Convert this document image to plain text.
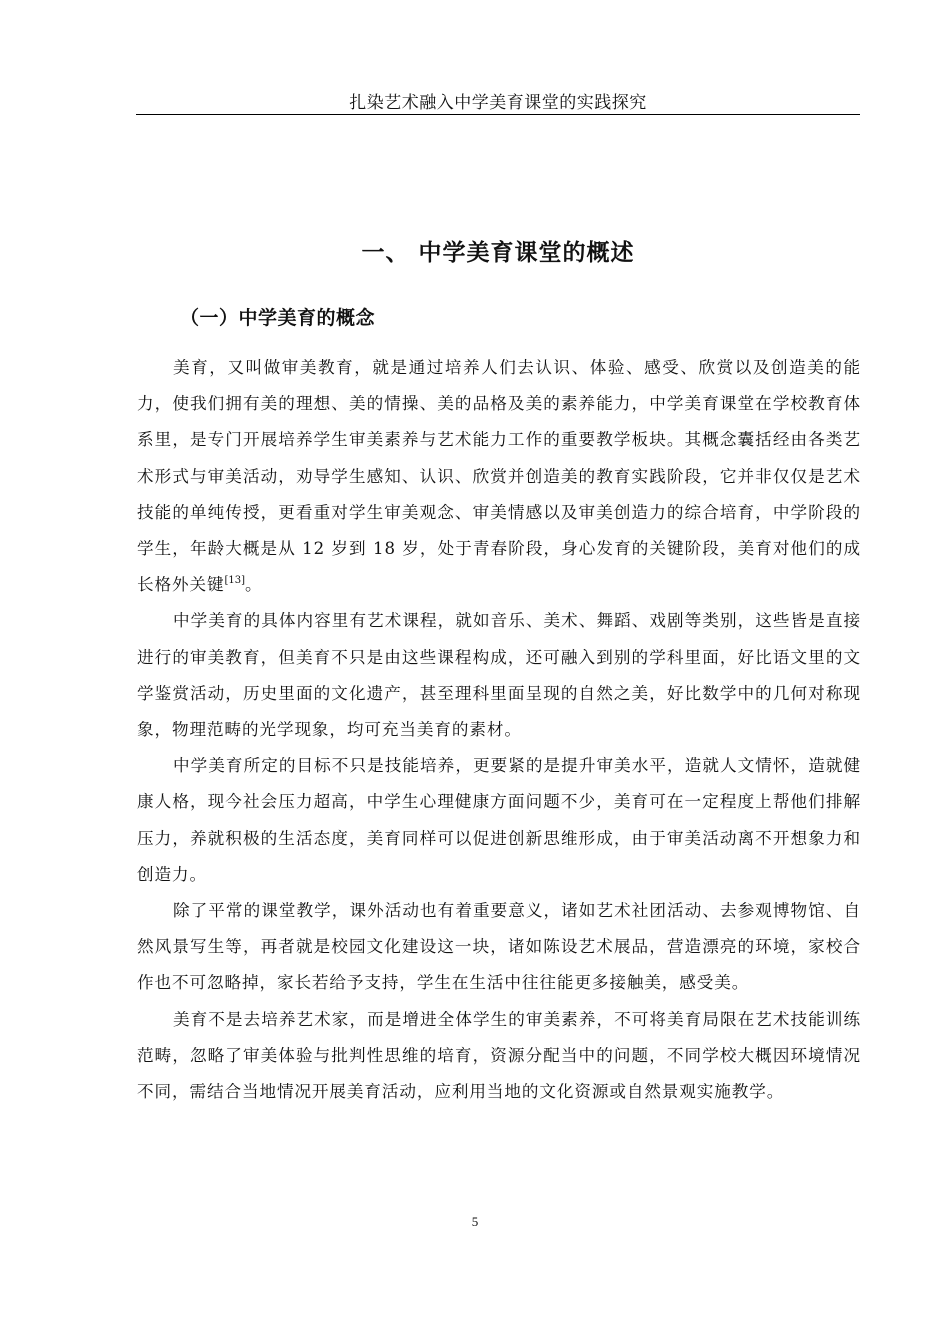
扎染艺术融入中学美育课堂的实践探究
一、 中学美育课堂的概述
（一）中学美育的概念

美育，又叫做审美教育，就是通过培养人们去认识、体验、感受、欣赏以及创造美的能力，使我们拥有美的理想、美的情操、美的品格及美的素养能力，中学美育课堂在学校教育体系里，是专门开展培养学生审美素养与艺术能力工作的重要教学板块。其概念囊括经由各类艺术形式与审美活动，劝导学生感知、认识、欣赏并创造美的教育实践阶段，它并非仅仅是艺术技能的单纯传授，更看重对学生审美观念、审美情感以及审美创造力的综合培育，中学阶段的学生，年龄大概是从 12 岁到 18 岁，处于青春阶段，身心发育的关键阶段，美育对他们的成长格外关键[13]。

中学美育的具体内容里有艺术课程，就如音乐、美术、舞蹈、戏剧等类别，这些皆是直接进行的审美教育，但美育不只是由这些课程构成，还可融入到别的学科里面，好比语文里的文学鉴赏活动，历史里面的文化遗产，甚至理科里面呈现的自然之美，好比数学中的几何对称现象，物理范畴的光学现象，均可充当美育的素材。

中学美育所定的目标不只是技能培养，更要紧的是提升审美水平，造就人文情怀，造就健康人格，现今社会压力超高，中学生心理健康方面问题不少，美育可在一定程度上帮他们排解压力，养就积极的生活态度，美育同样可以促进创新思维形成，由于审美活动离不开想象力和创造力。

除了平常的课堂教学，课外活动也有着重要意义，诸如艺术社团活动、去参观博物馆、自然风景写生等，再者就是校园文化建设这一块，诸如陈设艺术展品，营造漂亮的环境，家校合作也不可忽略掉，家长若给予支持，学生在生活中往往能更多接触美，感受美。

美育不是去培养艺术家，而是增进全体学生的审美素养，不可将美育局限在艺术技能训练范畴，忽略了审美体验与批判性思维的培育，资源分配当中的问题，不同学校大概因环境情况不同，需结合当地情况开展美育活动，应利用当地的文化资源或自然景观实施教学。

5
